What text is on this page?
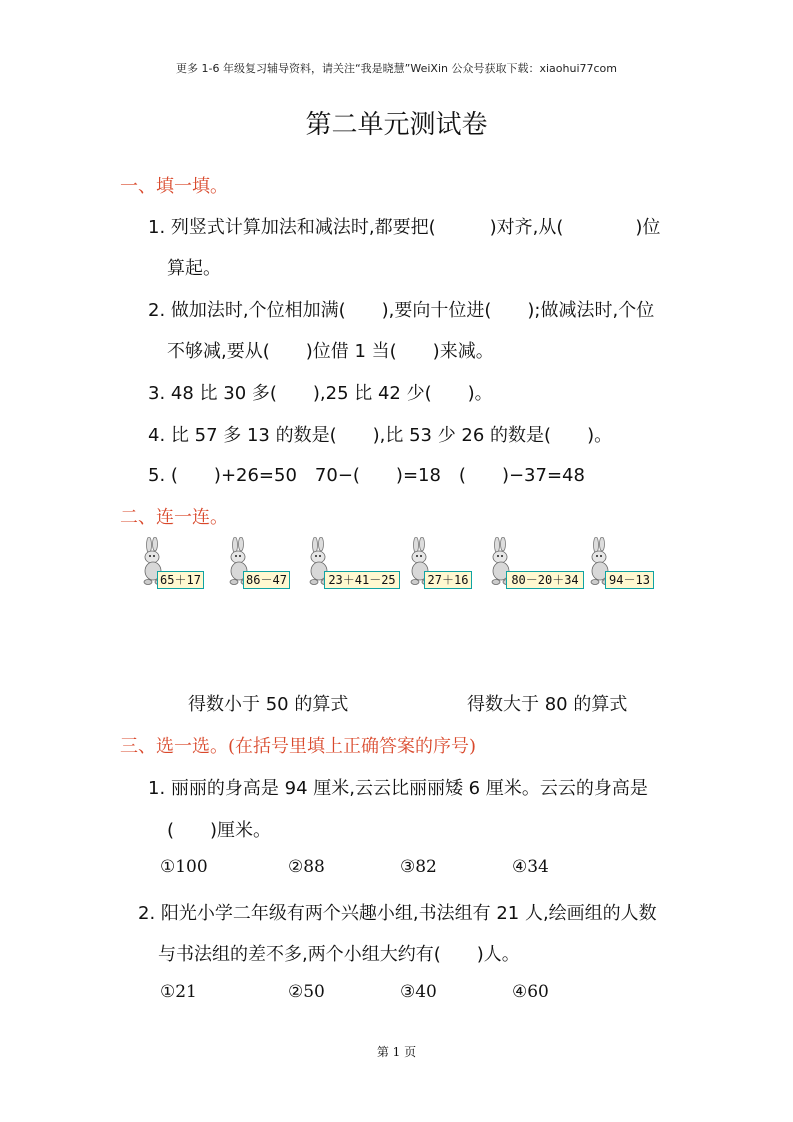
更多 1-6 年级复习辅导资料，请关注“我是晓慧”WeiXin 公众号获取下载：xiaohui77com
第二单元测试卷
一、填一填。
1. 列竖式计算加法和减法时,都要把(　　　)对齐,从(　　　　)位
算起。
2. 做加法时,个位相加满(　　),要向十位进(　　);做减法时,个位
不够减,要从(　　)位借 1 当(　　)来减。
3. 48 比 30 多(　　),25 比 42 少(　　)。
4. 比 57 多 13 的数是(　　),比 53 少 26 的数是(　　)。
5. (　　)+26=50　70−(　　)=18　(　　)−37=48
二、连一连。
65＋17	86－47	23＋41－25	27＋16	80－20＋34	94－13
得数小于 50 的算式	得数大于 80 的算式
三、选一选。(在括号里填上正确答案的序号)
1. 丽丽的身高是 94 厘米,云云比丽丽矮 6 厘米。云云的身高是
(　　)厘米。
①100	②88	③82	④34
2. 阳光小学二年级有两个兴趣小组,书法组有 21 人,绘画组的人数
与书法组的差不多,两个小组大约有(　　)人。
①21	②50	③40	④60
第 1 页
